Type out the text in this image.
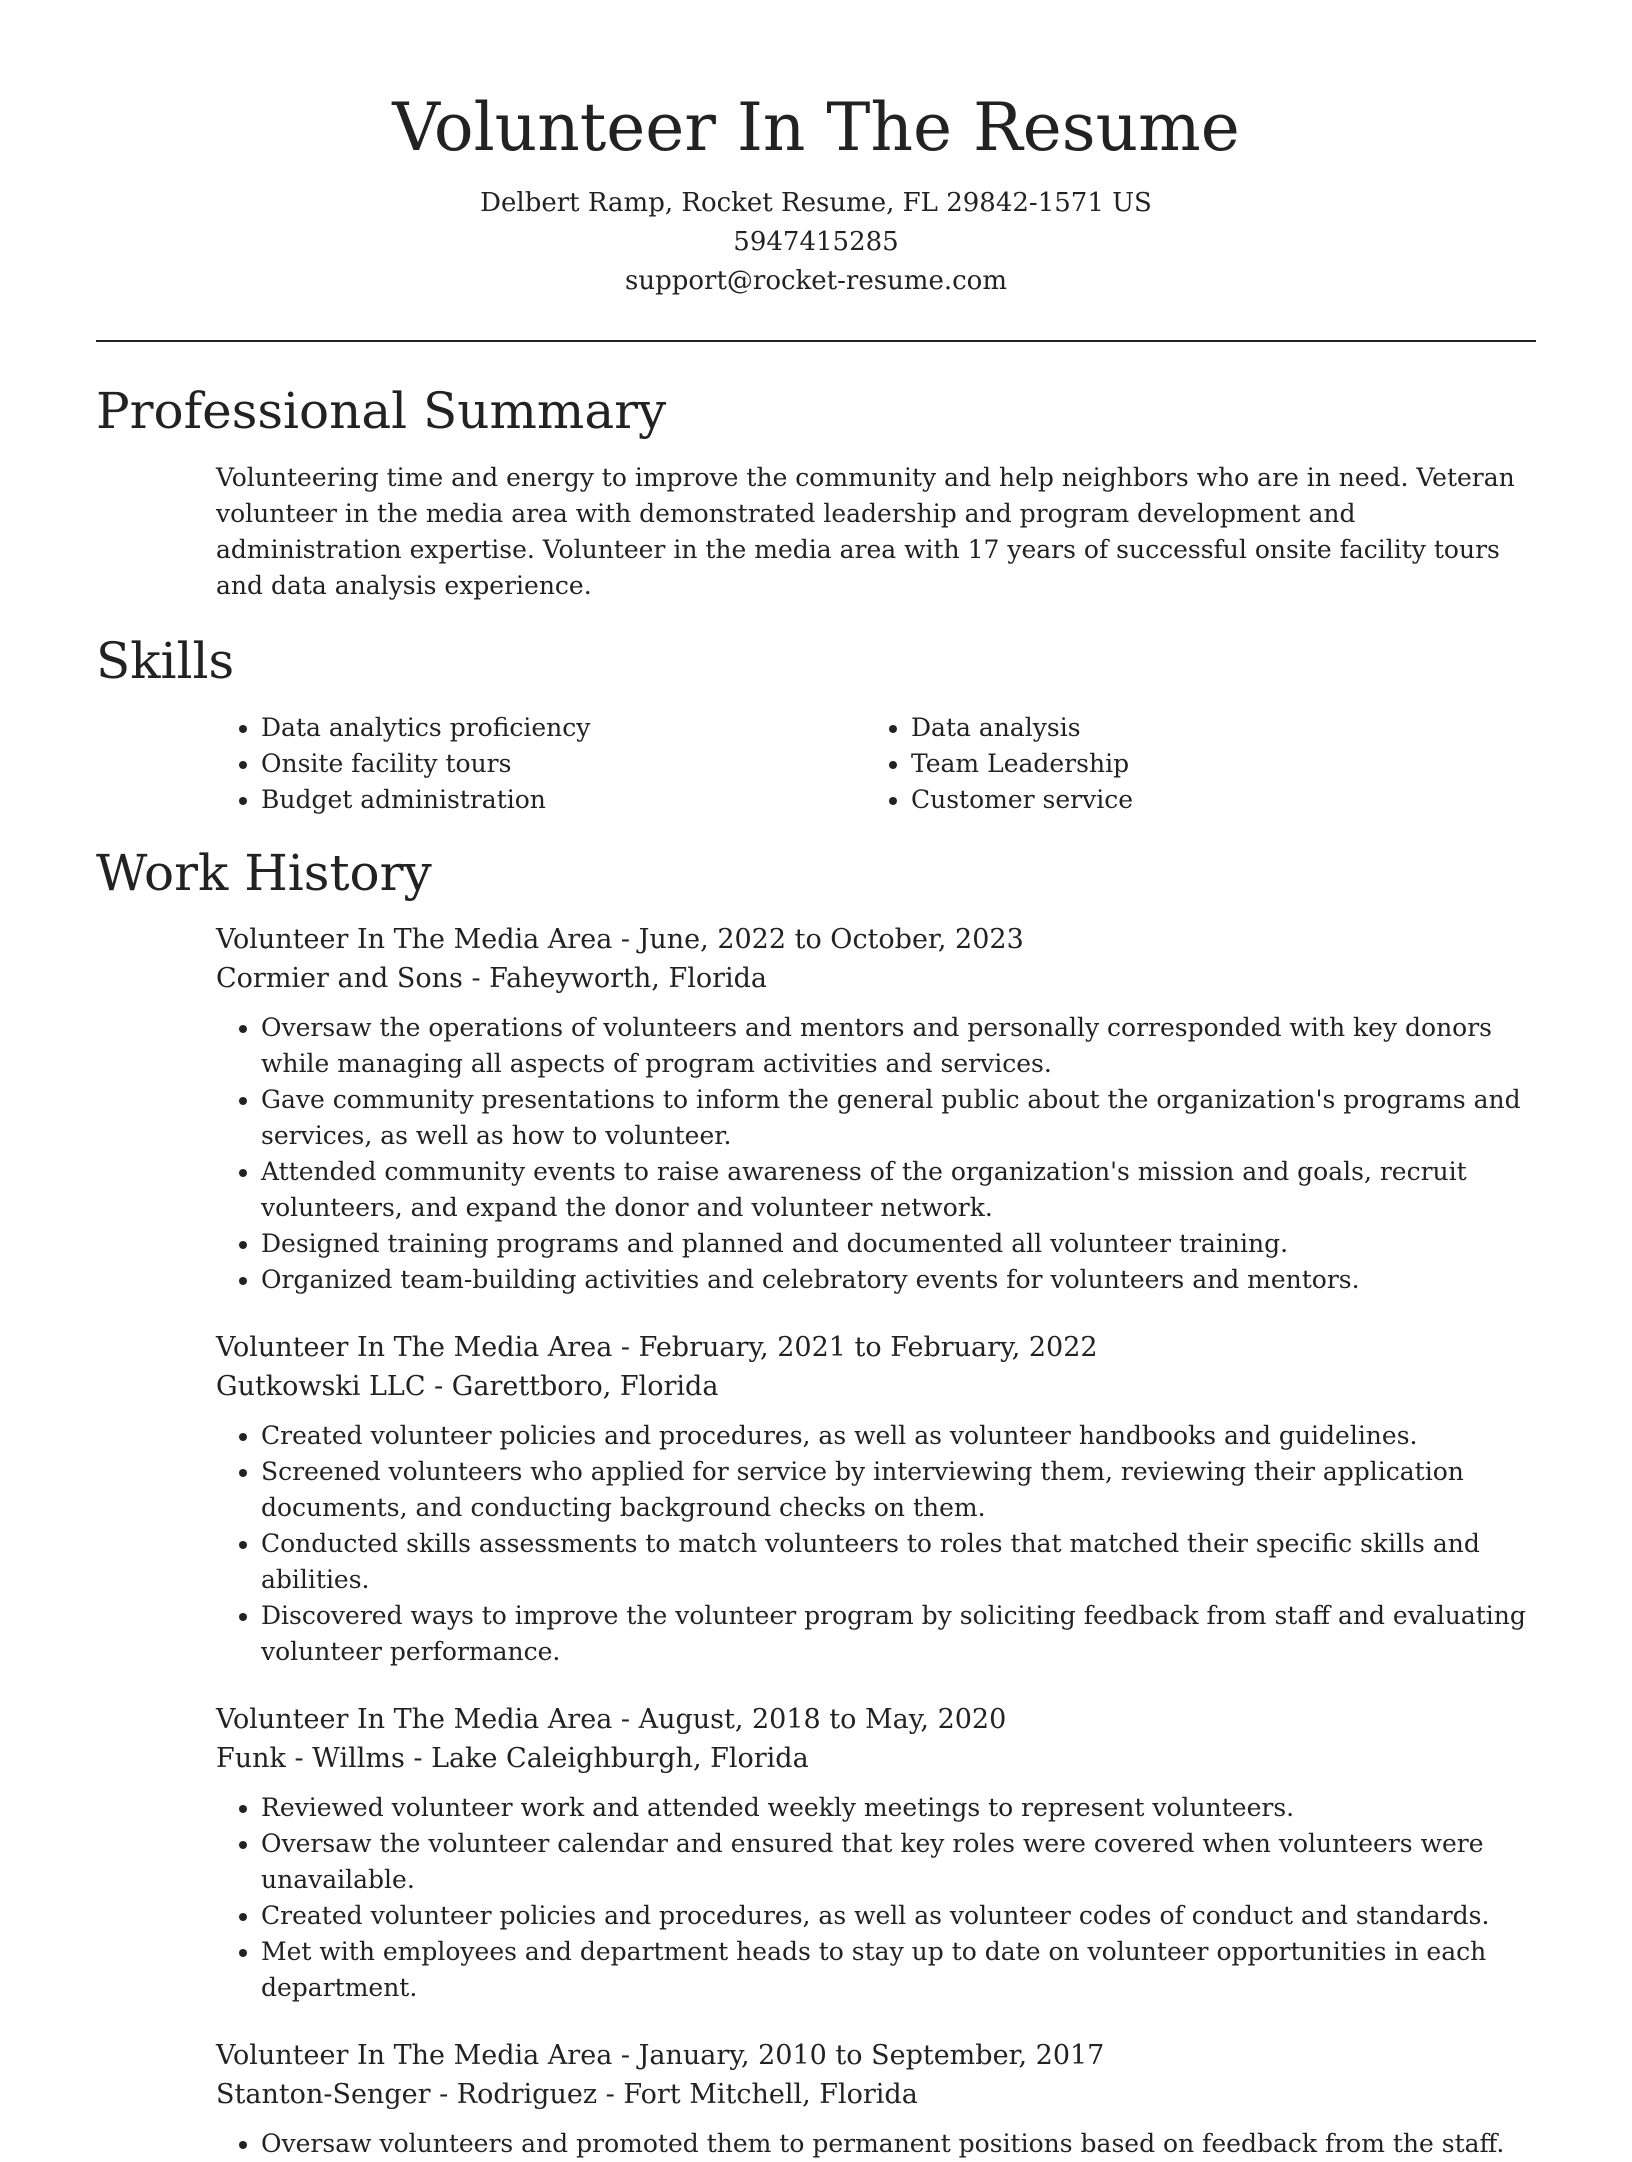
Volunteer In The Resume
Delbert Ramp, Rocket Resume, FL 29842-1571 US
5947415285
support@rocket-resume.com
Professional Summary

Volunteering time and energy to improve the community and help neighbors who are in need. Veteran volunteer in the media area with demonstrated leadership and program development and administration expertise. Volunteer in the media area with 17 years of successful onsite facility tours and data analysis experience.

Skills
• Data analytics proficiency
• Onsite facility tours
• Budget administration
• Data analysis
• Team Leadership
• Customer service
Work History
Volunteer In The Media Area - June, 2022 to October, 2023
Cormier and Sons - Faheyworth, Florida
• Oversaw the operations of volunteers and mentors and personally corresponded with key donors while managing all aspects of program activities and services.
• Gave community presentations to inform the general public about the organization's programs and services, as well as how to volunteer.
• Attended community events to raise awareness of the organization's mission and goals, recruit volunteers, and expand the donor and volunteer network.
• Designed training programs and planned and documented all volunteer training.
• Organized team-building activities and celebratory events for volunteers and mentors.
Volunteer In The Media Area - February, 2021 to February, 2022
Gutkowski LLC - Garettboro, Florida
• Created volunteer policies and procedures, as well as volunteer handbooks and guidelines.
• Screened volunteers who applied for service by interviewing them, reviewing their application documents, and conducting background checks on them.
• Conducted skills assessments to match volunteers to roles that matched their specific skills and abilities.
• Discovered ways to improve the volunteer program by soliciting feedback from staff and evaluating volunteer performance.
Volunteer In The Media Area - August, 2018 to May, 2020
Funk - Willms - Lake Caleighburgh, Florida
• Reviewed volunteer work and attended weekly meetings to represent volunteers.
• Oversaw the volunteer calendar and ensured that key roles were covered when volunteers were unavailable.
• Created volunteer policies and procedures, as well as volunteer codes of conduct and standards.
• Met with employees and department heads to stay up to date on volunteer opportunities in each department.
Volunteer In The Media Area - January, 2010 to September, 2017
Stanton-Senger - Rodriguez - Fort Mitchell, Florida
• Oversaw volunteers and promoted them to permanent positions based on feedback from the staff.
